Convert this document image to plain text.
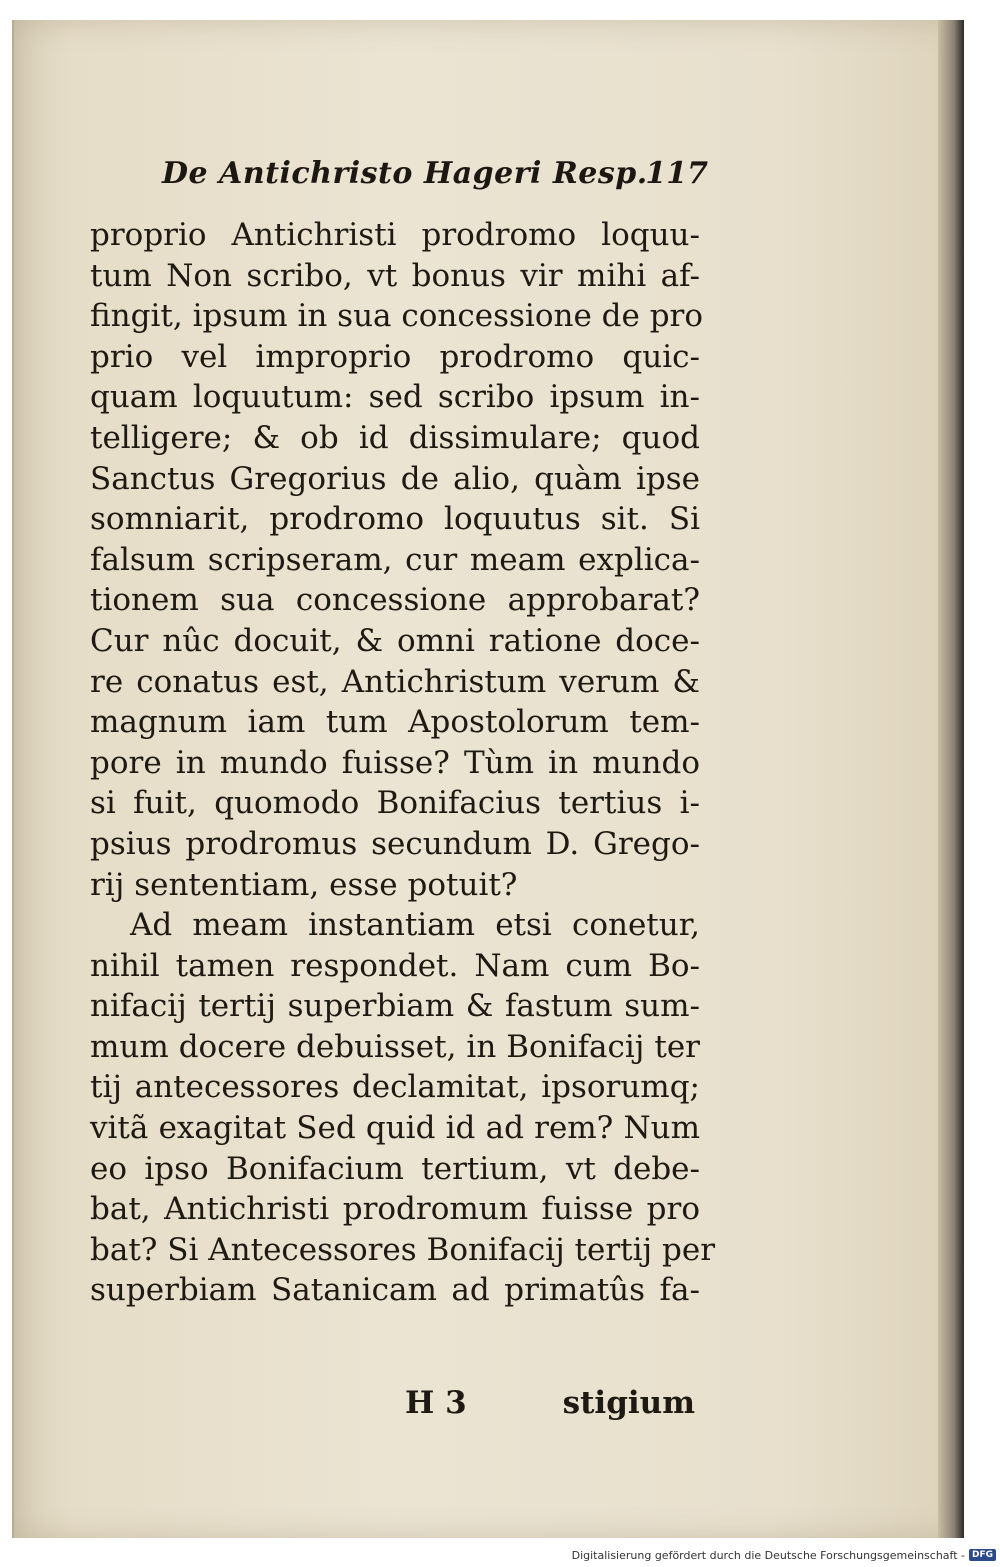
De Antichristo Hageri Resp.
117
proprio Antichristi prodromo loquu-
tum Non scribo, vt bonus vir mihi af-
fingit, ipsum in sua concessione de pro
prio vel improprio prodromo quic-
quam loquutum: sed scribo ipsum in-
telligere; & ob id dissimulare; quod
Sanctus Gregorius de alio, quàm ipse
somniarit, prodromo loquutus sit. Si
falsum scripseram, cur meam explica-
tionem sua concessione approbarat?
Cur nûc docuit, & omni ratione doce-
re conatus est, Antichristum verum &
magnum iam tum Apostolorum tem-
pore in mundo fuisse? Tùm in mundo
si fuit, quomodo Bonifacius tertius i-
psius prodromus secundum D. Grego-
rij sententiam, esse potuit?
Ad meam instantiam etsi conetur,
nihil tamen respondet. Nam cum Bo-
nifacij tertij superbiam & fastum sum-
mum docere debuisset, in Bonifacij ter
tij antecessores declamitat, ipsorumq;
vitã exagitat Sed quid id ad rem? Num
eo ipso Bonifacium tertium, vt debe-
bat, Antichristi prodromum fuisse pro
bat? Si Antecessores Bonifacij tertij per
superbiam Satanicam ad primatûs fa-
H 3	stigium
Digitalisierung gefördert durch die Deutsche Forschungsgemeinschaft - DFG
